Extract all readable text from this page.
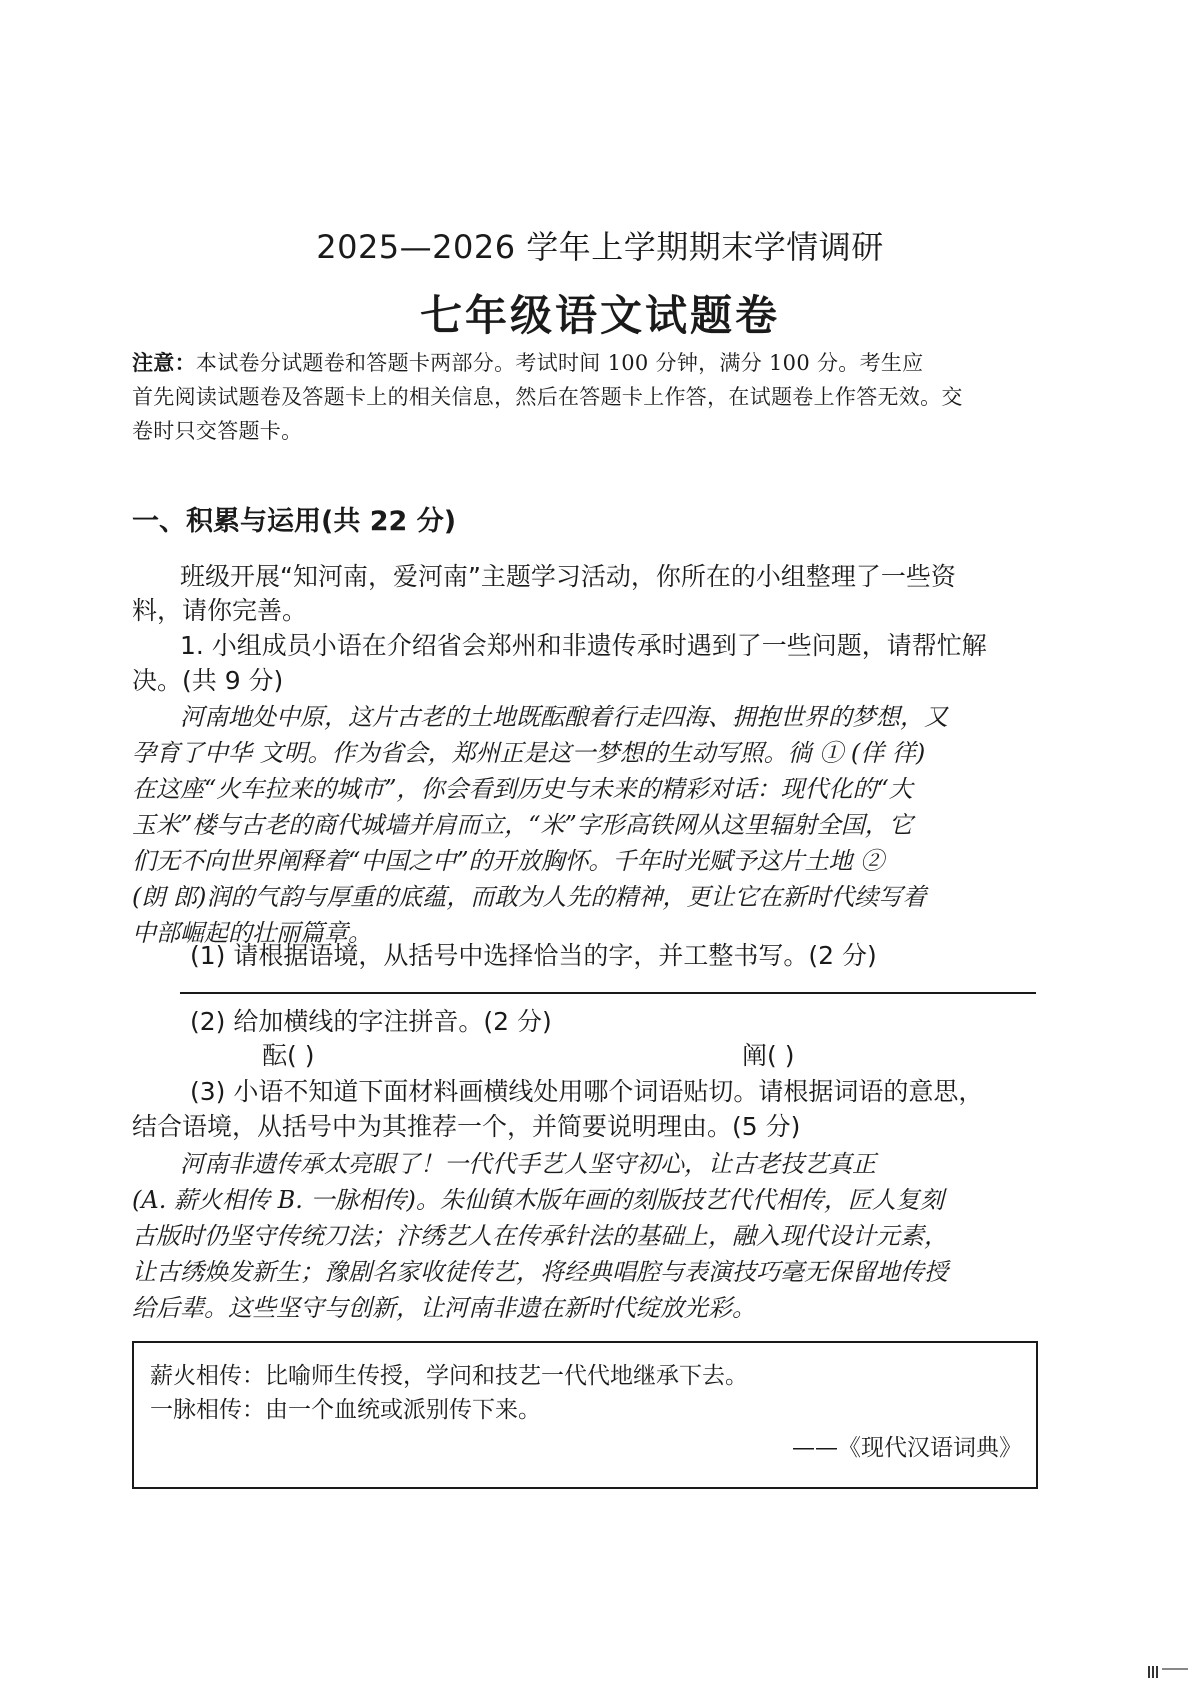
2025—2026 学年上学期期末学情调研
七年级语文试题卷
注意：本试卷分试题卷和答题卡两部分。考试时间 100 分钟，满分 100 分。考生应
首先阅读试题卷及答题卡上的相关信息，然后在答题卡上作答，在试题卷上作答无效。交
卷时只交答题卡。
一、积累与运用(共 22 分)
班级开展“知河南，爱河南”主题学习活动，你所在的小组整理了一些资
料，请你完善。
1. 小组成员小语在介绍省会郑州和非遗传承时遇到了一些问题，请帮忙解
决。(共 9 分)
河南地处中原，这片古老的土地既酝酿着行走四海、拥抱世界的梦想，又
孕育了中华 文明。作为省会，郑州正是这一梦想的生动写照。徜 ① (佯 徉)
在这座“火车拉来的城市”，你会看到历史与未来的精彩对话：现代化的“大
玉米”楼与古老的商代城墙并肩而立，“米”字形高铁网从这里辐射全国，它
们无不向世界阐释着“中国之中”的开放胸怀。千年时光赋予这片土地 ②
(朗 郎)润的气韵与厚重的底蕴，而敢为人先的精神，更让它在新时代续写着
中部崛起的壮丽篇章。
(1) 请根据语境，从括号中选择恰当的字，并工整书写。(2 分)
(2) 给加横线的字注拼音。(2 分)
酝( )	阐( )
(3) 小语不知道下面材料画横线处用哪个词语贴切。请根据词语的意思，
结合语境，从括号中为其推荐一个，并简要说明理由。(5 分)
河南非遗传承太亮眼了！一代代手艺人坚守初心，让古老技艺真正
(A. 薪火相传 B. 一脉相传)。朱仙镇木版年画的刻版技艺代代相传，匠人复刻
古版时仍坚守传统刀法；汴绣艺人在传承针法的基础上，融入现代设计元素，
让古绣焕发新生；豫剧名家收徒传艺，将经典唱腔与表演技巧毫无保留地传授
给后辈。这些坚守与创新，让河南非遗在新时代绽放光彩。
薪火相传：比喻师生传授，学问和技艺一代代地继承下去。
一脉相传：由一个血统或派别传下来。
——《现代汉语词典》
